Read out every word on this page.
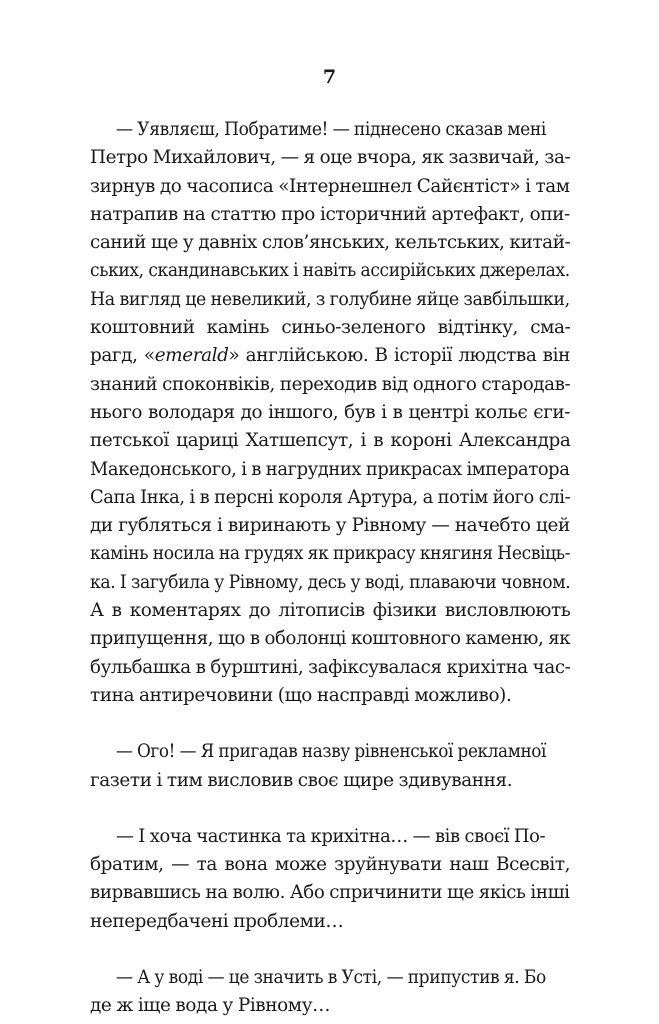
7

— Уявляєш, Побратиме! — піднесено сказав мені
Петро Михайлович, — я оце вчора, як зазвичай, за-
зирнув до часописа «Інтернешнел Сайєнтіст» і там
натрапив на статтю про історичний артефакт, опи-
саний ще у давніх слов’янських, кельтських, китай-
ських, скандинавських і навіть ассирійських джерелах.
На вигляд це невеликий, з голубине яйце завбільшки,
коштовний камінь синьо-зеленого відтінку, сма-
рагд, «emerald» англійською. В історії людства він
знаний споконвіків, переходив від одного стародав-
нього володаря до іншого, був і в центрі кольє єги-
петської цариці Хатшепсут, і в короні Александра
Македонського, і в нагрудних прикрасах імператора
Сапа Інка, і в персні короля Артура, а потім його слі-
ди губляться і виринають у Рівному — начебто цей
камінь носила на грудях як прикрасу княгиня Несвіць-
ка. І загубила у Рівному, десь у воді, плаваючи човном.
А в коментарях до літописів фізики висловлюють
припущення, що в оболонці коштовного каменю, як
бульбашка в бурштині, зафіксувалася крихітна час-
тина антиречовини (що насправді можливо).

— Ого! — Я пригадав назву рівненської рекламної
газети і тим висловив своє щире здивування.

— І хоча частинка та крихітна… — вів своєї По-
братим, — та вона може зруйнувати наш Всесвіт,
вирвавшись на волю. Або спричинити ще якісь інші
непередбачені проблеми…

— А у воді — це значить в Усті, — припустив я. Бо
де ж іще вода у Рівному…
